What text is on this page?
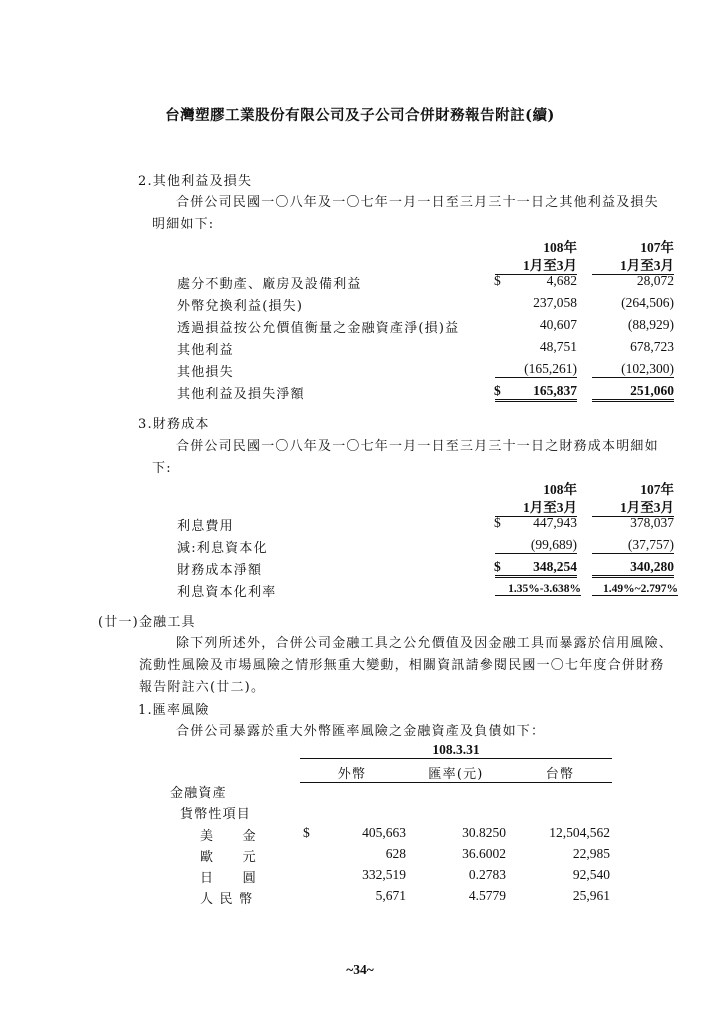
台灣塑膠工業股份有限公司及子公司合併財務報告附註(續)
2.其他利益及損失
合併公司民國一〇八年及一〇七年一月一日至三月三十一日之其他利益及損失
明細如下:
108年
1月至3月
107年
1月至3月
處分不動產、廠房及設備利益	$	4,682	28,072
外幣兌換利益(損失)	237,058	(264,506)
透過損益按公允價值衡量之金融資產淨(損)益	40,607	(88,929)
其他利益	48,751	678,723
其他損失	(165,261)	(102,300)
其他利益及損失淨額	$	165,837	251,060
3.財務成本
合併公司民國一〇八年及一〇七年一月一日至三月三十一日之財務成本明細如
下:
108年
1月至3月
107年
1月至3月
利息費用	$	447,943	378,037
減:利息資本化	(99,689)	(37,757)
財務成本淨額	$	348,254	340,280
利息資本化利率	1.35%-3.638%	1.49%~2.797%
(廿一)金融工具
除下列所述外，合併公司金融工具之公允價值及因金融工具而暴露於信用風險、
流動性風險及市場風險之情形無重大變動，相關資訊請參閱民國一〇七年度合併財務
報告附註六(廿二)。
1.匯率風險
合併公司暴露於重大外幣匯率風險之金融資產及負債如下：
108.3.31
外幣	匯率(元)	台幣
金融資產
貨幣性項目
美　　金	$	405,663	30.8250	12,504,562
歐　　元	628	36.6002	22,985
日　　圓	332,519	0.2783	92,540
人 民 幣	5,671	4.5779	25,961
~34~
